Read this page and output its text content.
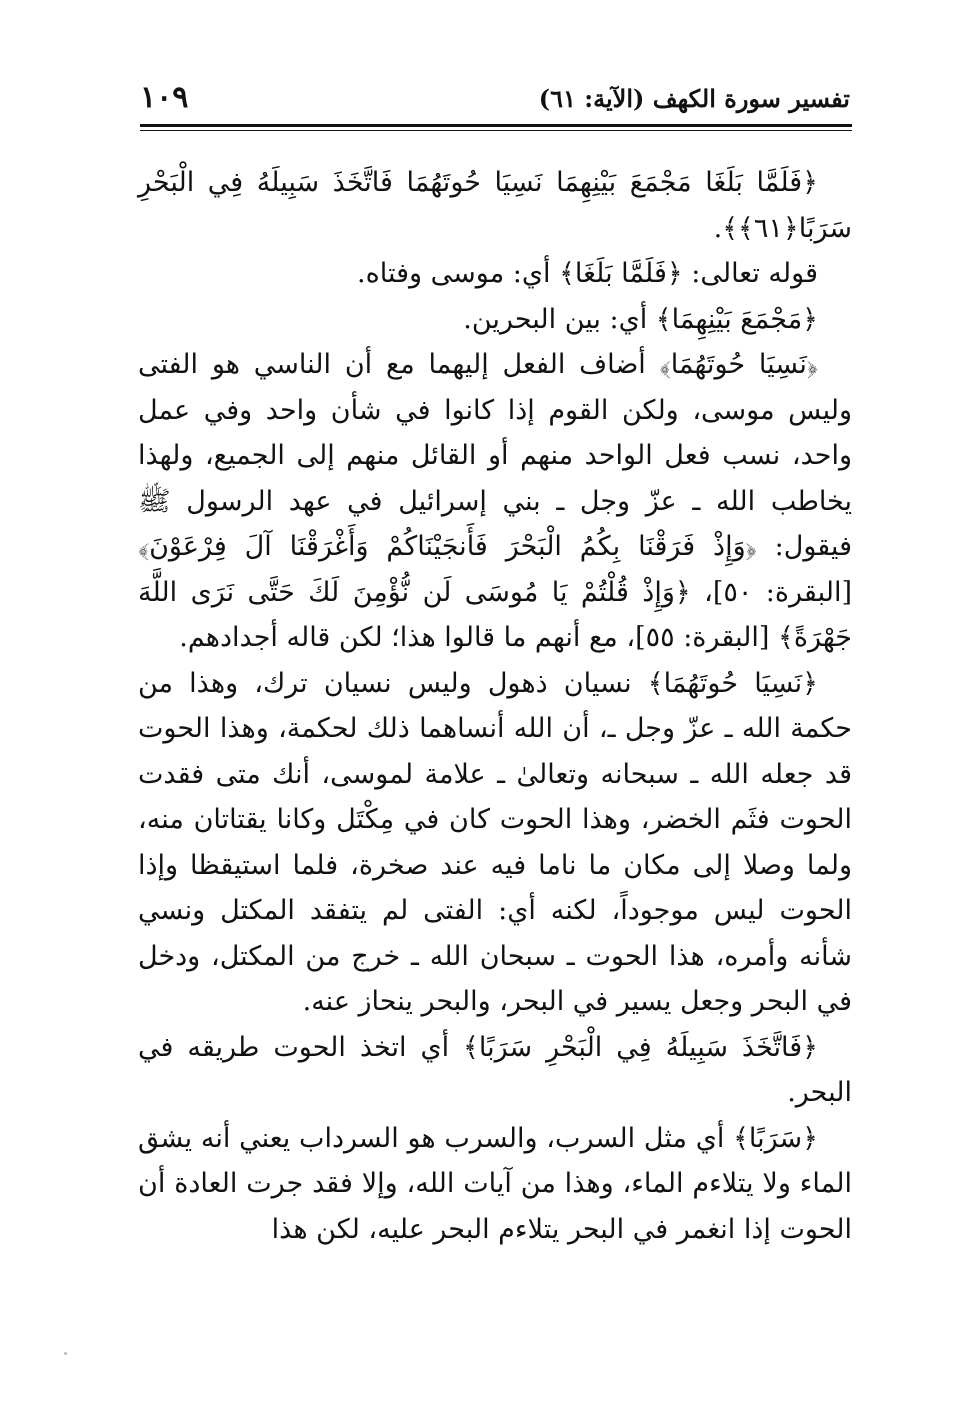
تفسير سورة الكهف (الآية: ٦١)
١٠٩

﴿فَلَمَّا بَلَغَا مَجْمَعَ بَيْنِهِمَا نَسِيَا حُوتَهُمَا فَاتَّخَذَ سَبِيلَهُ فِي الْبَحْرِ سَرَبًا﴿٦١﴾﴾.

قوله تعالى: ﴿فَلَمَّا بَلَغَا﴾ أي: موسى وفتاه.

﴿مَجْمَعَ بَيْنِهِمَا﴾ أي: بين البحرين.

﴿نَسِيَا حُوتَهُمَا﴾ أضاف الفعل إليهما مع أن الناسي هو الفتى وليس موسى، ولكن القوم إذا كانوا في شأن واحد وفي عمل واحد، نسب فعل الواحد منهم أو القائل منهم إلى الجميع، ولهذا يخاطب الله ـ عزّ وجل ـ بني إسرائيل في عهد الرسول ﷺ فيقول: ﴿وَإِذْ فَرَقْنَا بِكُمُ الْبَحْرَ فَأَنجَيْنَاكُمْ وَأَغْرَقْنَا آلَ فِرْعَوْنَ﴾ [البقرة: ٥٠]، ﴿وَإِذْ قُلْتُمْ يَا مُوسَى لَن نُّؤْمِنَ لَكَ حَتَّى نَرَى اللَّهَ جَهْرَةً﴾ [البقرة: ٥٥]، مع أنهم ما قالوا هذا؛ لكن قاله أجدادهم.

﴿نَسِيَا حُوتَهُمَا﴾ نسيان ذهول وليس نسيان ترك، وهذا من حكمة الله ـ عزّ وجل ـ، أن الله أنساهما ذلك لحكمة، وهذا الحوت قد جعله الله ـ سبحانه وتعالىٰ ـ علامة لموسى، أنك متى فقدت الحوت فثَم الخضر، وهذا الحوت كان في مِكْتَل وكانا يقتاتان منه، ولما وصلا إلى مكان ما ناما فيه عند صخرة، فلما استيقظا وإذا الحوت ليس موجوداً، لكنه أي: الفتى لم يتفقد المكتل ونسي شأنه وأمره، هذا الحوت ـ سبحان الله ـ خرج من المكتل، ودخل في البحر وجعل يسير في البحر، والبحر ينحاز عنه.

﴿فَاتَّخَذَ سَبِيلَهُ فِي الْبَحْرِ سَرَبًا﴾ أي اتخذ الحوت طريقه في البحر.

﴿سَرَبًا﴾ أي مثل السرب، والسرب هو السرداب يعني أنه يشق الماء ولا يتلاءم الماء، وهذا من آيات الله، وإلا فقد جرت العادة أن الحوت إذا انغمر في البحر يتلاءم البحر عليه، لكن هذا
